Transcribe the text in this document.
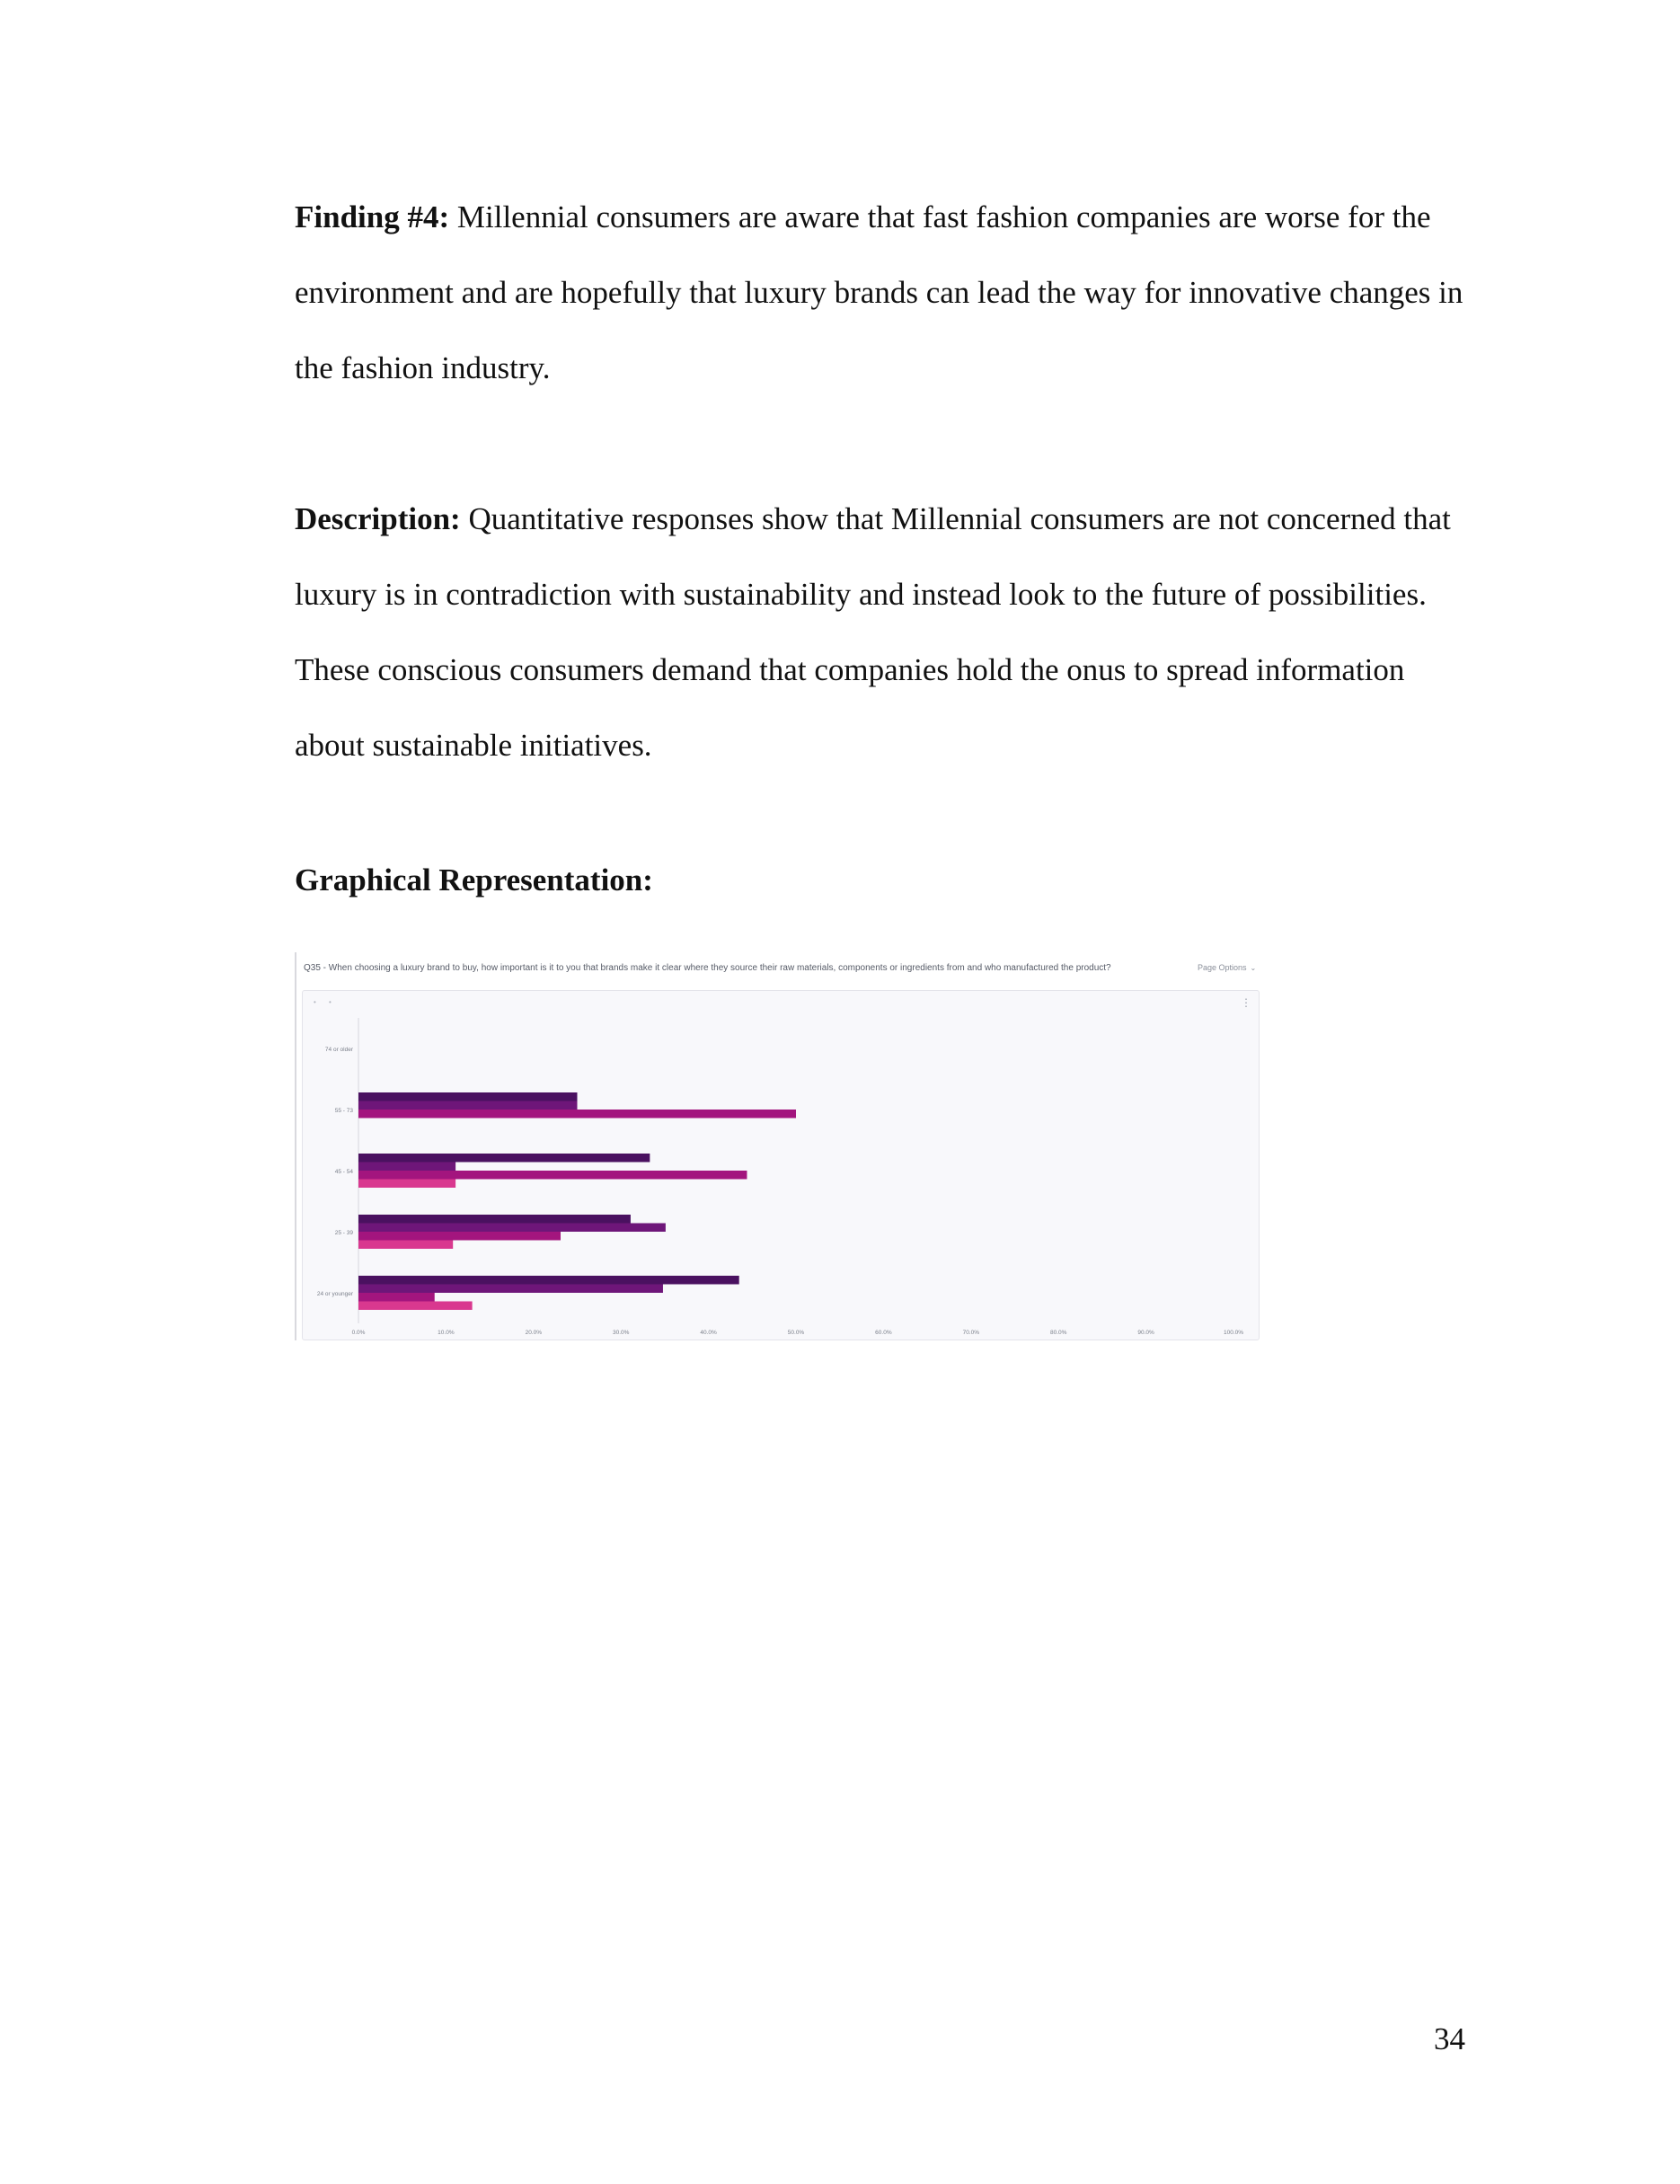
Finding #4: Millennial consumers are aware that fast fashion companies are worse for the environment and are hopefully that luxury brands can lead the way for innovative changes in the fashion industry.

Description: Quantitative responses show that Millennial consumers are not concerned that luxury is in contradiction with sustainability and instead look to the future of possibilities. These conscious consumers demand that companies hold the onus to spread information about sustainable initiatives.

Graphical Representation:

Q35 - When choosing a luxury brand to buy, how important is it to you that brands make it clear where they source their raw materials, components or ingredients from and who manufactured the product?	Page Options ⌄
• •	⋮
74 or older
55 - 73
45 - 54
25 - 39
24 or younger
0.0%	10.0%	20.0%	30.0%	40.0%	50.0%	60.0%	70.0%	80.0%	90.0%	100.0%
34
